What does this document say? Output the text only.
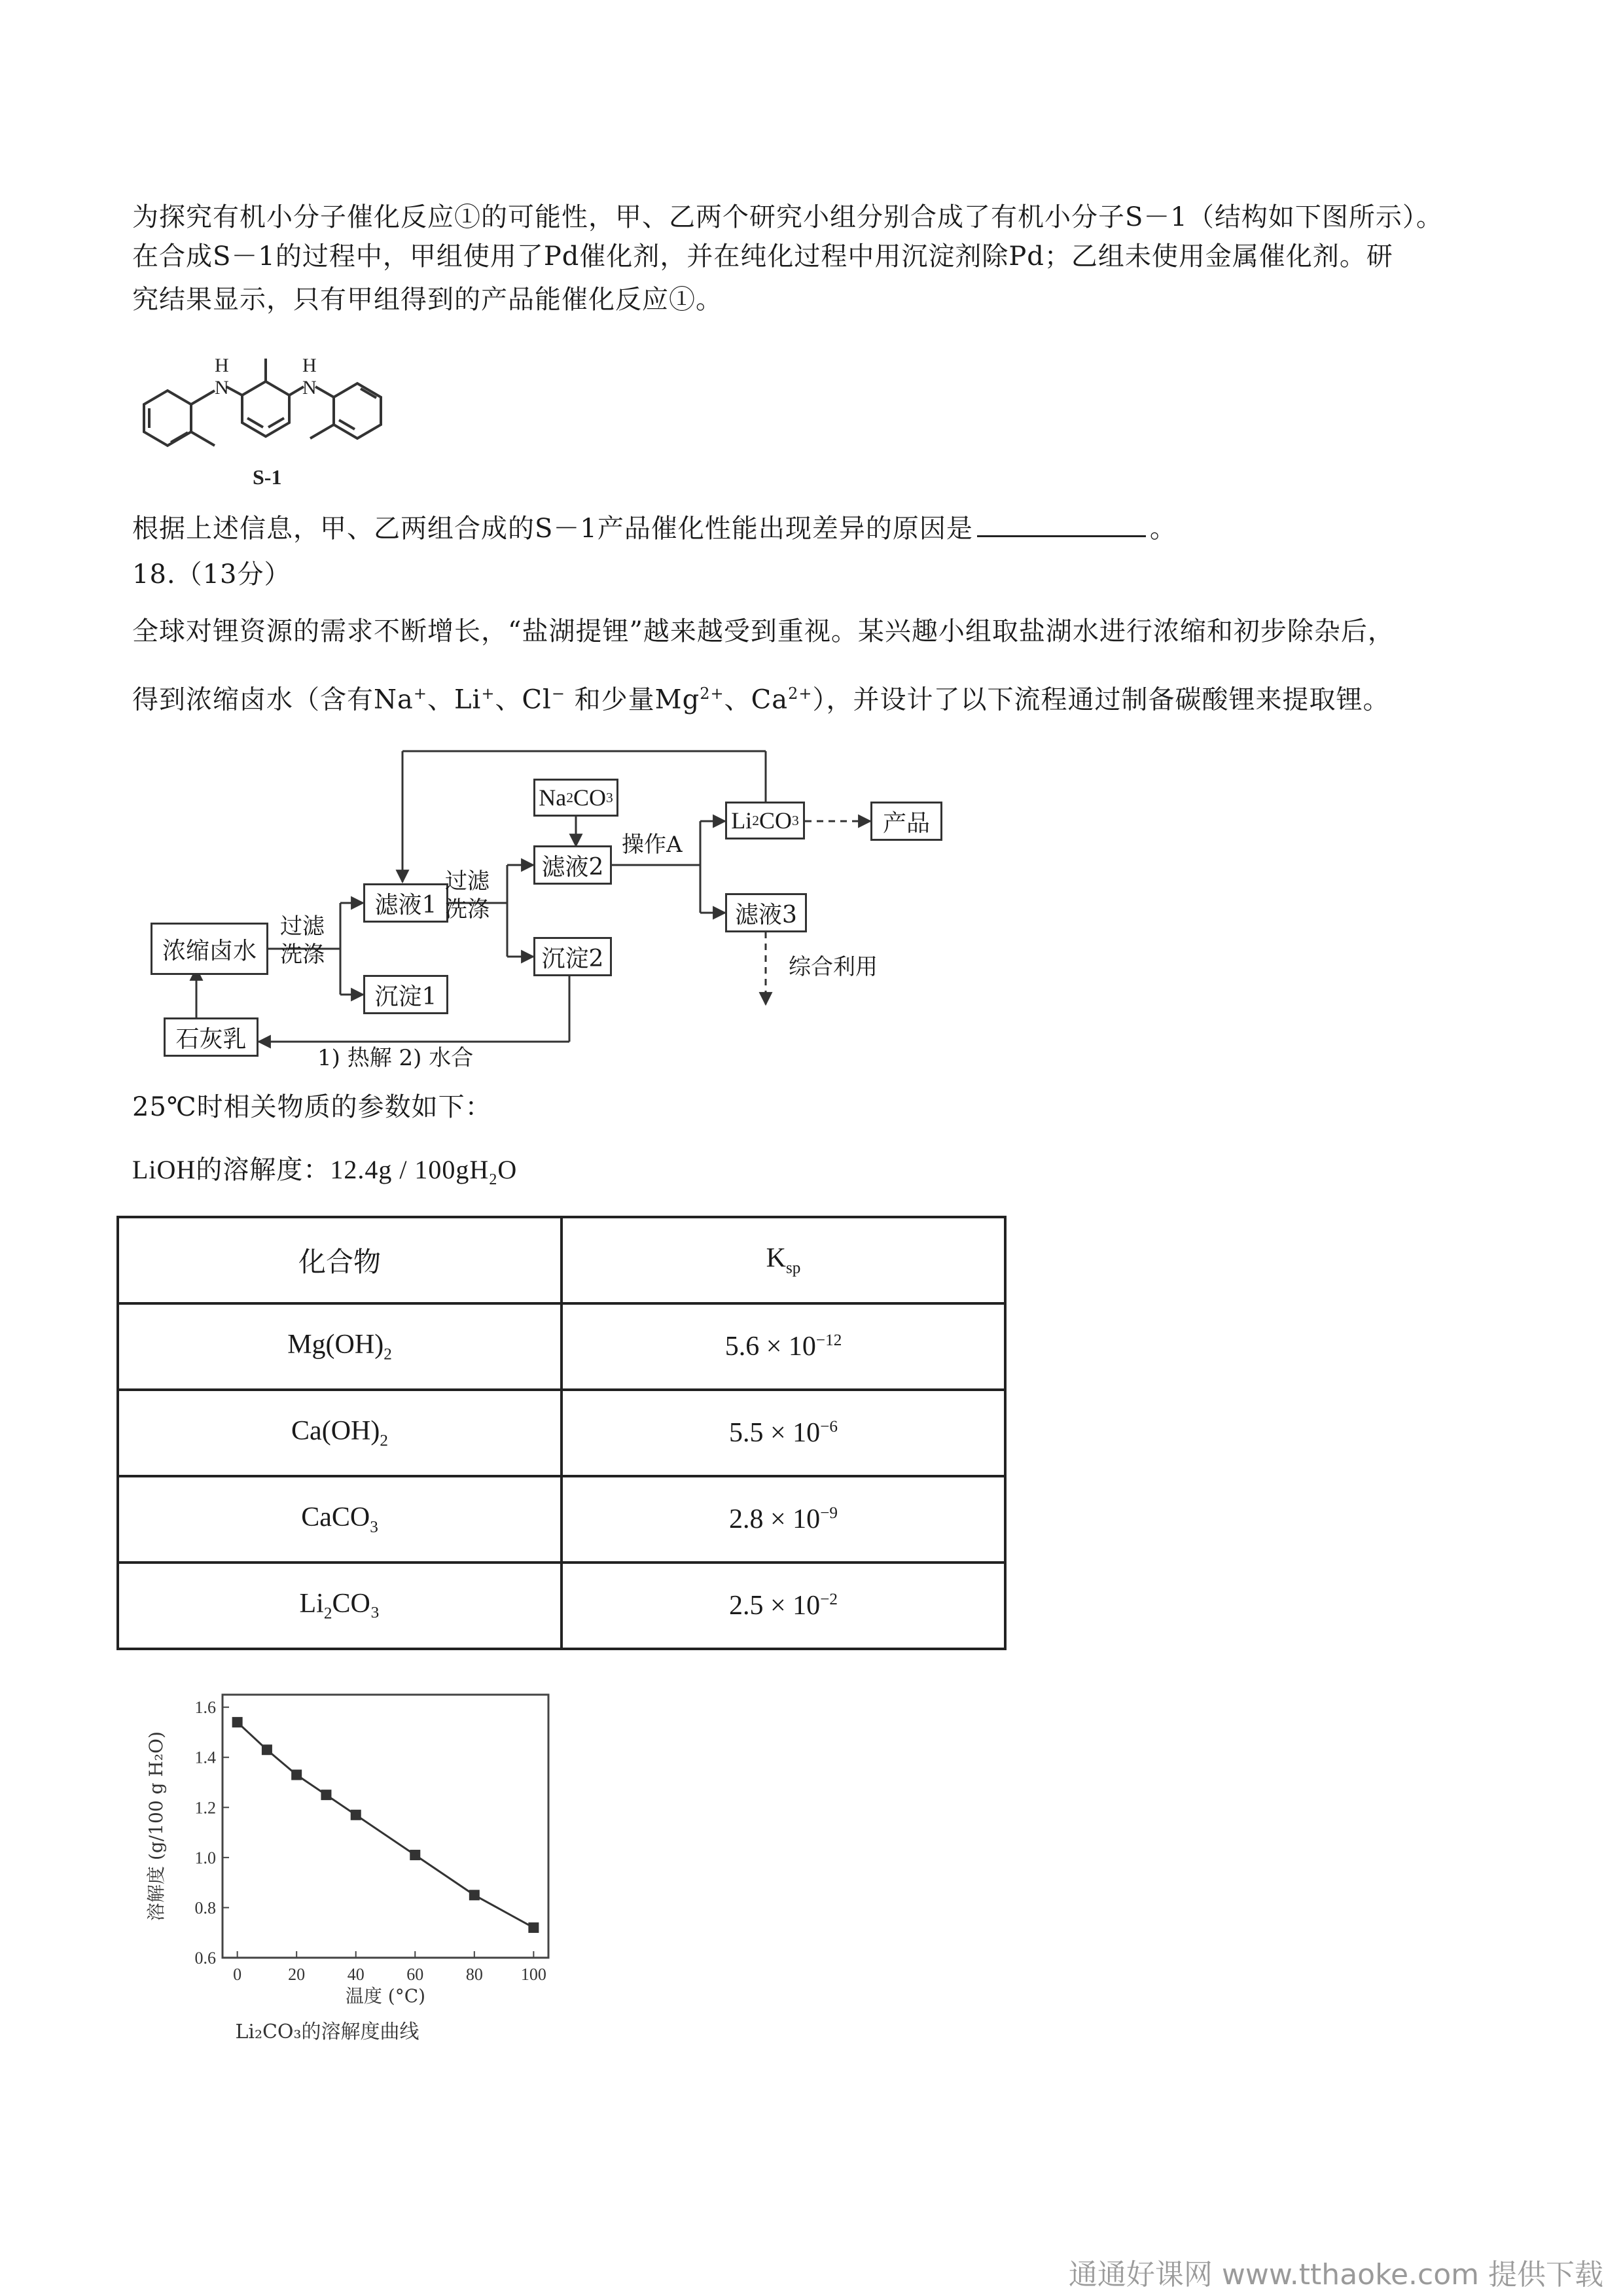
为探究有机小分子催化反应①的可能性，甲、乙两个研究小组分别合成了有机小分子S－1（结构如下图所示）。
在合成S－1的过程中，甲组使用了Pd催化剂，并在纯化过程中用沉淀剂除Pd；乙组未使用金属催化剂。研
究结果显示，只有甲组得到的产品能催化反应①。
N
H
N
H
S-1
根据上述信息，甲、乙两组合成的S－1产品催化性能出现差异的原因是	。
18.（13分）
全球对锂资源的需求不断增长，“盐湖提锂”越来越受到重视。某兴趣小组取盐湖水进行浓缩和初步除杂后，
得到浓缩卤水（含有Na+、Li+、Cl− 和少量$Mg^{2+}$、$Ca^{2+}$），并设计了以下流程通过制备碳酸锂来提取锂。
浓缩卤水
滤液1
沉淀1
滤液2
沉淀2
Na 2 CO 3
Li 2 CO 3	产品
滤液3
石灰乳
过滤
洗涤
过滤
洗涤
操作A
综合利用
1) 热解 2) 水合
25℃时相关物质的参数如下：
LiOH的溶解度：$12.4g / 100gH_2O$
化合物	$K_{sp}$
$Mg(OH)_2$	$5.6 \times 10^{-12}$
$Ca(OH)_2$	$5.5 \times 10^{-6}$
CaCO$_3$	$2.8 \times 10^{-9}$
$Li_2CO_3$	$2.5 \times 10^{-2}$
0	20 40 60 80 100
0.6
0.8
1.0
1.2
1.4
1.6
溶解度 (g/100 g H₂O)
温度 (°C)
Li₂CO₃的溶解度曲线
通通好课网 www.tthaoke.com 提供下载
